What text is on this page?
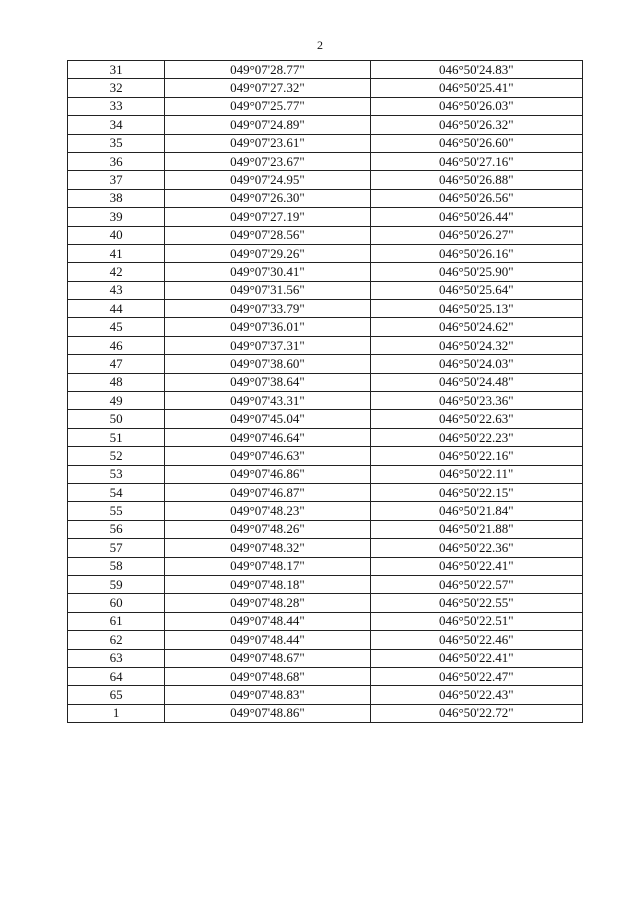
2
31	049°07'28.77"	046°50'24.83"
32	049°07'27.32"	046°50'25.41"
33	049°07'25.77"	046°50'26.03"
34	049°07'24.89"	046°50'26.32"
35	049°07'23.61"	046°50'26.60"
36	049°07'23.67"	046°50'27.16"
37	049°07'24.95"	046°50'26.88"
38	049°07'26.30"	046°50'26.56"
39	049°07'27.19"	046°50'26.44"
40	049°07'28.56"	046°50'26.27"
41	049°07'29.26"	046°50'26.16"
42	049°07'30.41"	046°50'25.90"
43	049°07'31.56"	046°50'25.64"
44	049°07'33.79"	046°50'25.13"
45	049°07'36.01"	046°50'24.62"
46	049°07'37.31"	046°50'24.32"
47	049°07'38.60"	046°50'24.03"
48	049°07'38.64"	046°50'24.48"
49	049°07'43.31"	046°50'23.36"
50	049°07'45.04"	046°50'22.63"
51	049°07'46.64"	046°50'22.23"
52	049°07'46.63"	046°50'22.16"
53	049°07'46.86"	046°50'22.11"
54	049°07'46.87"	046°50'22.15"
55	049°07'48.23"	046°50'21.84"
56	049°07'48.26"	046°50'21.88"
57	049°07'48.32"	046°50'22.36"
58	049°07'48.17"	046°50'22.41"
59	049°07'48.18"	046°50'22.57"
60	049°07'48.28"	046°50'22.55"
61	049°07'48.44"	046°50'22.51"
62	049°07'48.44"	046°50'22.46"
63	049°07'48.67"	046°50'22.41"
64	049°07'48.68"	046°50'22.47"
65	049°07'48.83"	046°50'22.43"
1	049°07'48.86"	046°50'22.72"
